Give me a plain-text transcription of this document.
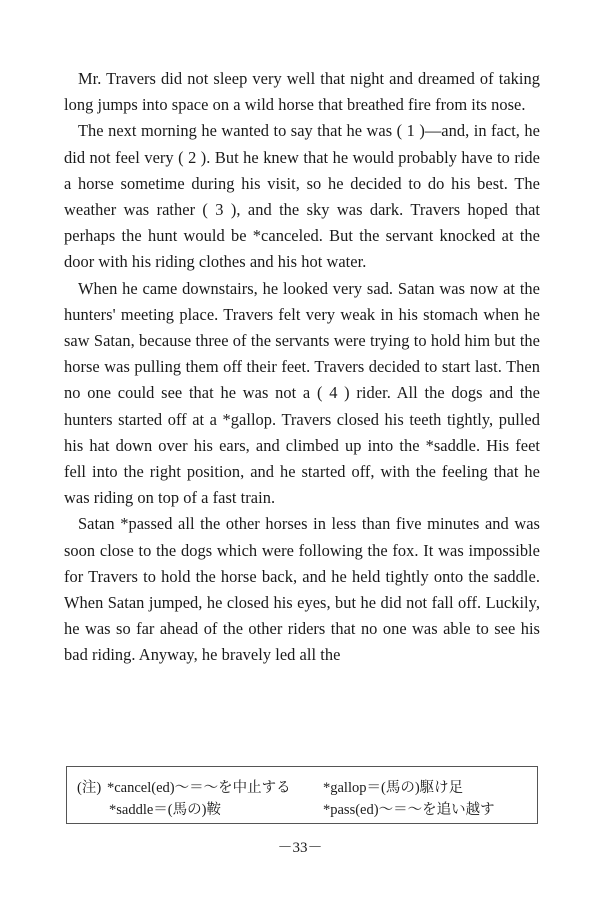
Mr. Travers did not sleep very well that night and dreamed of taking long jumps into space on a wild horse that breathed fire from its nose.

The next morning he wanted to say that he was ( 1 )—and, in fact, he did not feel very ( 2 ). But he knew that he would probably have to ride a horse sometime during his visit, so he decided to do his best. The weather was rather ( 3 ), and the sky was dark. Travers hoped that perhaps the hunt would be *canceled. But the servant knocked at the door with his riding clothes and his hot water.

When he came downstairs, he looked very sad. Satan was now at the hunters' meeting place. Travers felt very weak in his stomach when he saw Satan, because three of the servants were trying to hold him but the horse was pulling them off their feet. Travers decided to start last. Then no one could see that he was not a ( 4 ) rider. All the dogs and the hunters started off at a *gallop. Travers closed his teeth tightly, pulled his hat down over his ears, and climbed up into the *saddle. His feet fell into the right position, and he started off, with the feeling that he was riding on top of a fast train.

Satan *passed all the other horses in less than five minutes and was soon close to the dogs which were following the fox. It was impossible for Travers to hold the horse back, and he held tightly onto the saddle. When Satan jumped, he closed his eyes, but he did not fall off. Luckily, he was so far ahead of the other riders that no one was able to see his bad riding. Anyway, he bravely led all the

(注) *cancel(ed)～＝～を中止する
*saddle＝(馬の)鞍
*gallop＝(馬の)駆け足
*pass(ed)～＝～を追い越す
－33－
